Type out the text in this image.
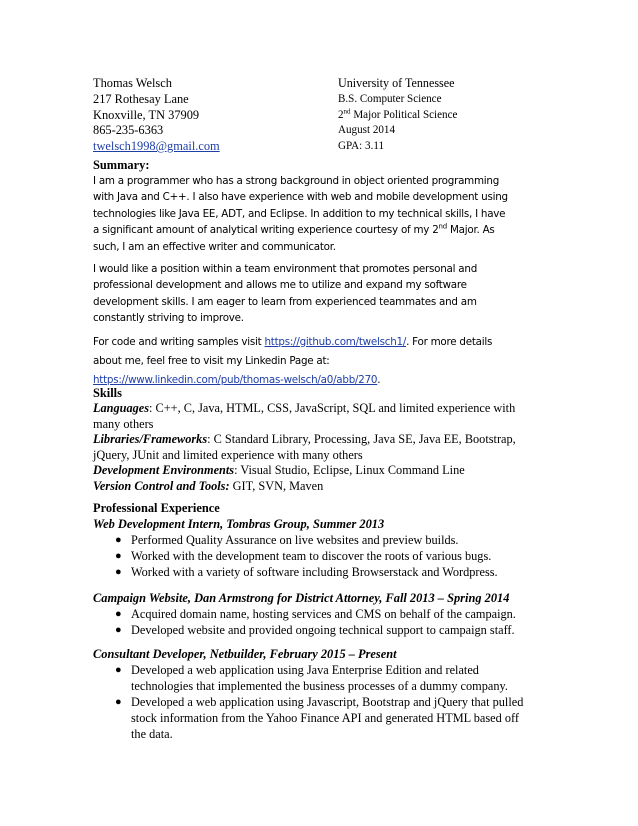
Thomas Welsch
217 Rothesay Lane
Knoxville, TN 37909
865-235-6363
twelsch1998@gmail.com
University of Tennessee
B.S. Computer Science
2nd Major Political Science
August 2014
GPA: 3.11
Summary:
I am a programmer who has a strong background in object oriented programming
with Java and C++. I also have experience with web and mobile development using
technologies like Java EE, ADT, and Eclipse. In addition to my technical skills, I have
a significant amount of analytical writing experience courtesy of my 2nd Major. As
such, I am an effective writer and communicator.
I would like a position within a team environment that promotes personal and
professional development and allows me to utilize and expand my software
development skills. I am eager to learn from experienced teammates and am
constantly striving to improve.
For code and writing samples visit https://github.com/twelsch1/. For more details
about me, feel free to visit my Linkedin Page at:
https://www.linkedin.com/pub/thomas-welsch/a0/abb/270.
Skills
Languages: C++, C, Java, HTML, CSS, JavaScript, SQL and limited experience with
many others
Libraries/Frameworks: C Standard Library, Processing, Java SE, Java EE, Bootstrap,
jQuery, JUnit and limited experience with many others
Development Environments: Visual Studio, Eclipse, Linux Command Line
Version Control and Tools: GIT, SVN, Maven
Professional Experience
Web Development Intern, Tombras Group, Summer 2013
● Performed Quality Assurance on live websites and preview builds.
● Worked with the development team to discover the roots of various bugs.
● Worked with a variety of software including Browserstack and Wordpress.
Campaign Website, Dan Armstrong for District Attorney, Fall 2013 – Spring 2014
● Acquired domain name, hosting services and CMS on behalf of the campaign.
● Developed website and provided ongoing technical support to campaign staff.
Consultant Developer, Netbuilder, February 2015 – Present
● Developed a web application using Java Enterprise Edition and related
technologies that implemented the business processes of a dummy company.
● Developed a web application using Javascript, Bootstrap and jQuery that pulled
stock information from the Yahoo Finance API and generated HTML based off
the data.
